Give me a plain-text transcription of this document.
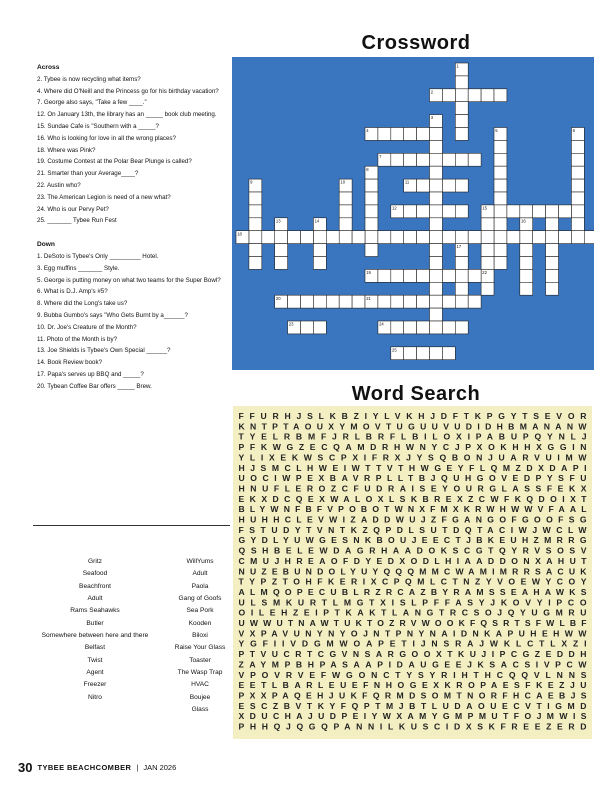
Crossword
Across
2. Tybee is now recycling what items?
4. Where did O'Neill and the Princess go for his birthday vacation?
7. George also says, "Take a few ____."
12. On January 13th, the library has an _____ book club meeting.
15. Sundae Cafe is "Southern with a _____?
16. Who is looking for love in all the wrong places?
18. Where was Pink?
19. Costume Contest at the Polar Bear Plunge is called?
21. Smarter than your Average____?
22. Austin who?
23. The American Legion is need of a new what?
24. Who is our Pervy Pet?
25. _______ Tybee Run Fest
Down
1. DeSoto is Tybee's Only _________ Hotel.
3. Egg muffins _______ Style.
5. George is putting money on what two teams for the Super Bowl?
6. What is D.J. Amp's #5?
8. Where did the Long's take us?
9. Bubba Gumbo's says "Who Gets Burnt by a______?
10. Dr. Joe's Creature of the Month?
11. Photo of the Month is by?
13. Joe Shields is Tybee's Own Special ______?
14. Book Review book?
17. Papa's serves up BBQ and _____?
20. Tybean Coffee Bar offers _____ Brew.
Gritz
Seafood
Beachfront
Adult
Rams Seahawks
Butler
Somewhere between here and there
Belfast
Twist
Agent
Freezer
Nitro
WillYums
Adult
Paola
Gang of Goofs
Sea Pork
Kooden
Biloxi
Raise Your Glass
Toaster
The Wasp Trap
HVAC
Boujee
Glass
1
2
3
4	5	6
7
8
9	10	11
12
13	14
15
16
17
18
19
20	21
22
23	24
25
Word Search
FFURHJSLKBZIYLVKHJDFTKPGYTSEVOR
KNTPTAOUXYMOVTUGUUVUDIDHBMANANW
TYELRBMFJRLBRFLBILOXIPABUPQYNLJ
PFKWGZECQAMDRHWNYCJPXOKHHXGGIN
YLIXEKWSCPXIFRXJYSQBONJUARVUIMW
HJSMCLHWEIWTTVTHWGEYFLQMZDXDAPI
UOCIWPEXBAVRPLLTBJQUHGOVEDPYSFU
HNUFLEROZCFUDRAISEYOURGLASSFEKX
EKXDCQEXWALOXLSKBREXZCWFKQDOIXT
BLYWNFBFVPOBOTWNXFMXKRWHWWVFAAL
HUHHCLEVWIZADDWUJZFGANGOFGOOFSG
FSTUDYTVNTKZQPDLSUTDQTACIWJWCLW
GYDLYUWGESNKBOUJEECTJBKEUHZMRRG
QSHBELEWDAGRHAADOKSCGTQYRVSOSV
CMUJHREAOFDYEDXODLHIAADDONXAHUT
NUZEBUNDOLYUYQQQMMCWAMIMRRSACUK
TYPZTOHFKERIXCPQMLCTNZYVOEWYCOY
ALMQOPECUBLRZRCAZBYRAMSSEAHAWKS
ULSMKURTLMGTXISLPFFASYJKOVYIPCO
OILEHZEIPTKAKTLANGTRCSOJQYUGMRU
UWWUTNAWTUKTOZRVWOOKFQSRTSFWLBF
VXPAVUNYNYOJNTPNYNAIDNKAPUHEHWW
YGFIIVDGMWOAPETIJNSRAJWKLCTLXZI
PTVUCRTCGVNSARGOOXTKUJIPCGZEDDH
ZAYMPBHPASAAPIDAUGEEJKSACSIVPCW
VPOVRVEFWGONCTYSYRIHTHCQQVLNNS
EETLBARLEUEFNHOGEXKROPAESFKEZJU
PXXPAQEHJUKFQRMDSOMTNORFHCAEBJS
ESCZBVTKYFQPTMJBTLUDAOUECVTIGMD
XDUCHAJUDPEIYWXAMYGMPMUTFOJMWIS
PHHQJQGQPANNILKUSCIDXSKFREEZERD
30 TYBEE BEACHCOMBER | JAN 2026
